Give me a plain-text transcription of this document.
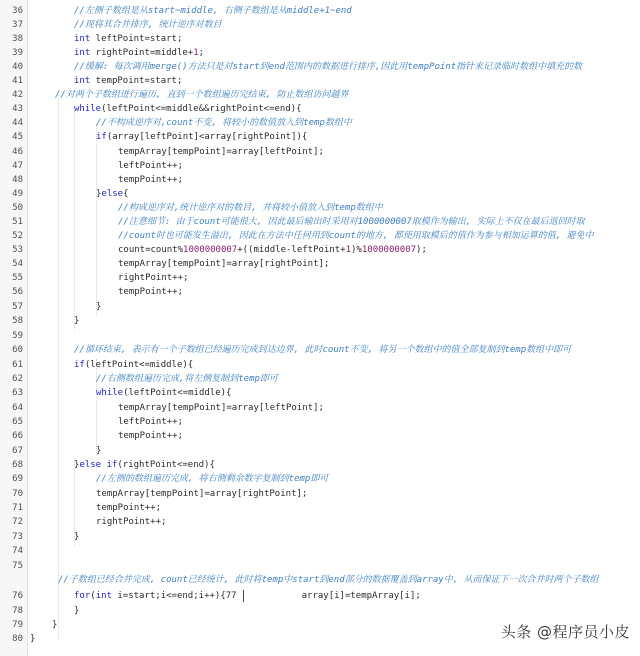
36
37
38
39
40
41
42
43
44
45
46
47
48
49
50
51
52
53
54
55
56
57
58
59
60
61
62
63
64
65
66
67
68
69
70
71
72
73
74
75
76
78
79
80
//左侧子数组是从start~middle, 右侧子数组是从middle+1~end
//现将其合并排序, 统计逆序对数目
int leftPoint=start;
int rightPoint=middle+1;
//缓解: 每次调用merge()方法只是对start到end范围内的数据进行排序,因此用tempPoint指针来记录临时数组中填充的数
int tempPoint=start;
//对两个子数组进行遍历, 直到一个数组遍历完结束, 防止数组访问越界
while(leftPoint<=middle&&rightPoint<=end){
//不构成逆序对,count不变, 将较小的数值放入到temp数组中
if(array[leftPoint]<array[rightPoint]){
tempArray[tempPoint]=array[leftPoint];
leftPoint++;
tempPoint++;
}else{
//构成逆序对,统计逆序对的数目, 并将较小值放入到temp数组中
//注意细节: 由于count可能很大, 因此最后输出时采用对1000000007取模作为输出, 实际上不仅在最后返回时取
//count时也可能发生溢出, 因此在方法中任何用到count的地方, 都使用取模后的值作为参与相加运算的值, 避免中
count=count%1000000007+((middle-leftPoint+1)%1000000007);
tempArray[tempPoint]=array[rightPoint];
rightPoint++;
tempPoint++;
}
}
//循环结束, 表示有一个子数组已经遍历完成到达边界, 此时count不变, 将另一个数组中的值全部复制到temp数组中即可
if(leftPoint<=middle){
//右侧数组遍历完成,将左侧复制到temp即可
while(leftPoint<=middle){
tempArray[tempPoint]=array[leftPoint];
leftPoint++;
tempPoint++;
}
}else if(rightPoint<=end){
//左侧的数组遍历完成, 将右侧剩余数字复制到temp即可
tempArray[tempPoint]=array[rightPoint];
tempPoint++;
rightPoint++;
}
//子数组已经合并完成, count已经统计, 此时将temp中start到end部分的数据覆盖到array中, 从而保证下一次合并时两个子数组
for(int i=start;i<=end;i++){77	array[i]=tempArray[i];
}
}
}	头条 @程序员小皮
